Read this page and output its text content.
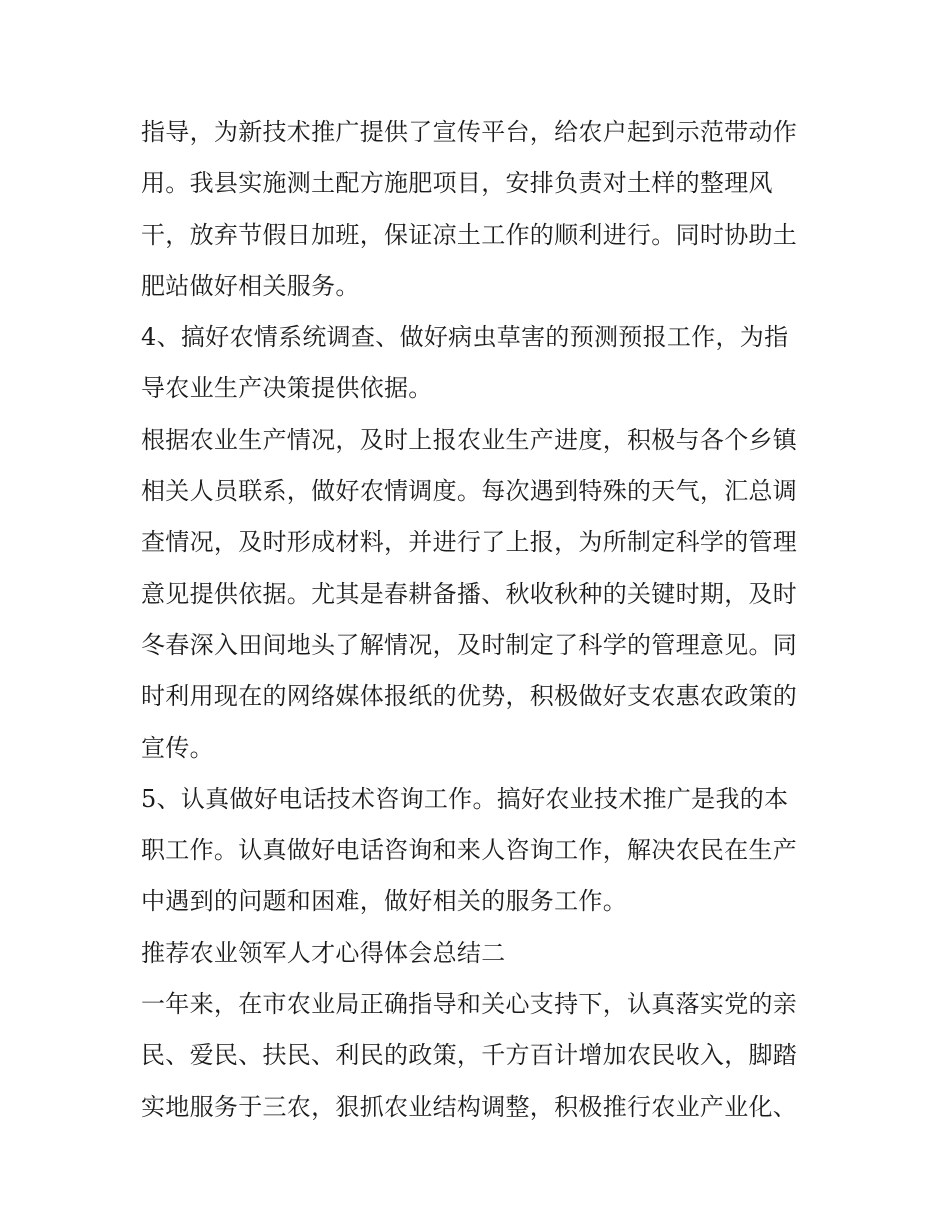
指导，为新技术推广提供了宣传平台，给农户起到示范带动作
用。我县实施测土配方施肥项目，安排负责对土样的整理风
干，放弃节假日加班，保证凉土工作的顺利进行。同时协助土
肥站做好相关服务。
4、搞好农情系统调查、做好病虫草害的预测预报工作，为指
导农业生产决策提供依据。
根据农业生产情况，及时上报农业生产进度，积极与各个乡镇
相关人员联系，做好农情调度。每次遇到特殊的天气，汇总调
查情况，及时形成材料，并进行了上报，为所制定科学的管理
意见提供依据。尤其是春耕备播、秋收秋种的关键时期，及时
冬春深入田间地头了解情况，及时制定了科学的管理意见。同
时利用现在的网络媒体报纸的优势，积极做好支农惠农政策的
宣传。
5、认真做好电话技术咨询工作。搞好农业技术推广是我的本
职工作。认真做好电话咨询和来人咨询工作，解决农民在生产
中遇到的问题和困难，做好相关的服务工作。
推荐农业领军人才心得体会总结二
一年来，在市农业局正确指导和关心支持下，认真落实党的亲
民、爱民、扶民、利民的政策，千方百计增加农民收入，脚踏
实地服务于三农，狠抓农业结构调整，积极推行农业产业化、
